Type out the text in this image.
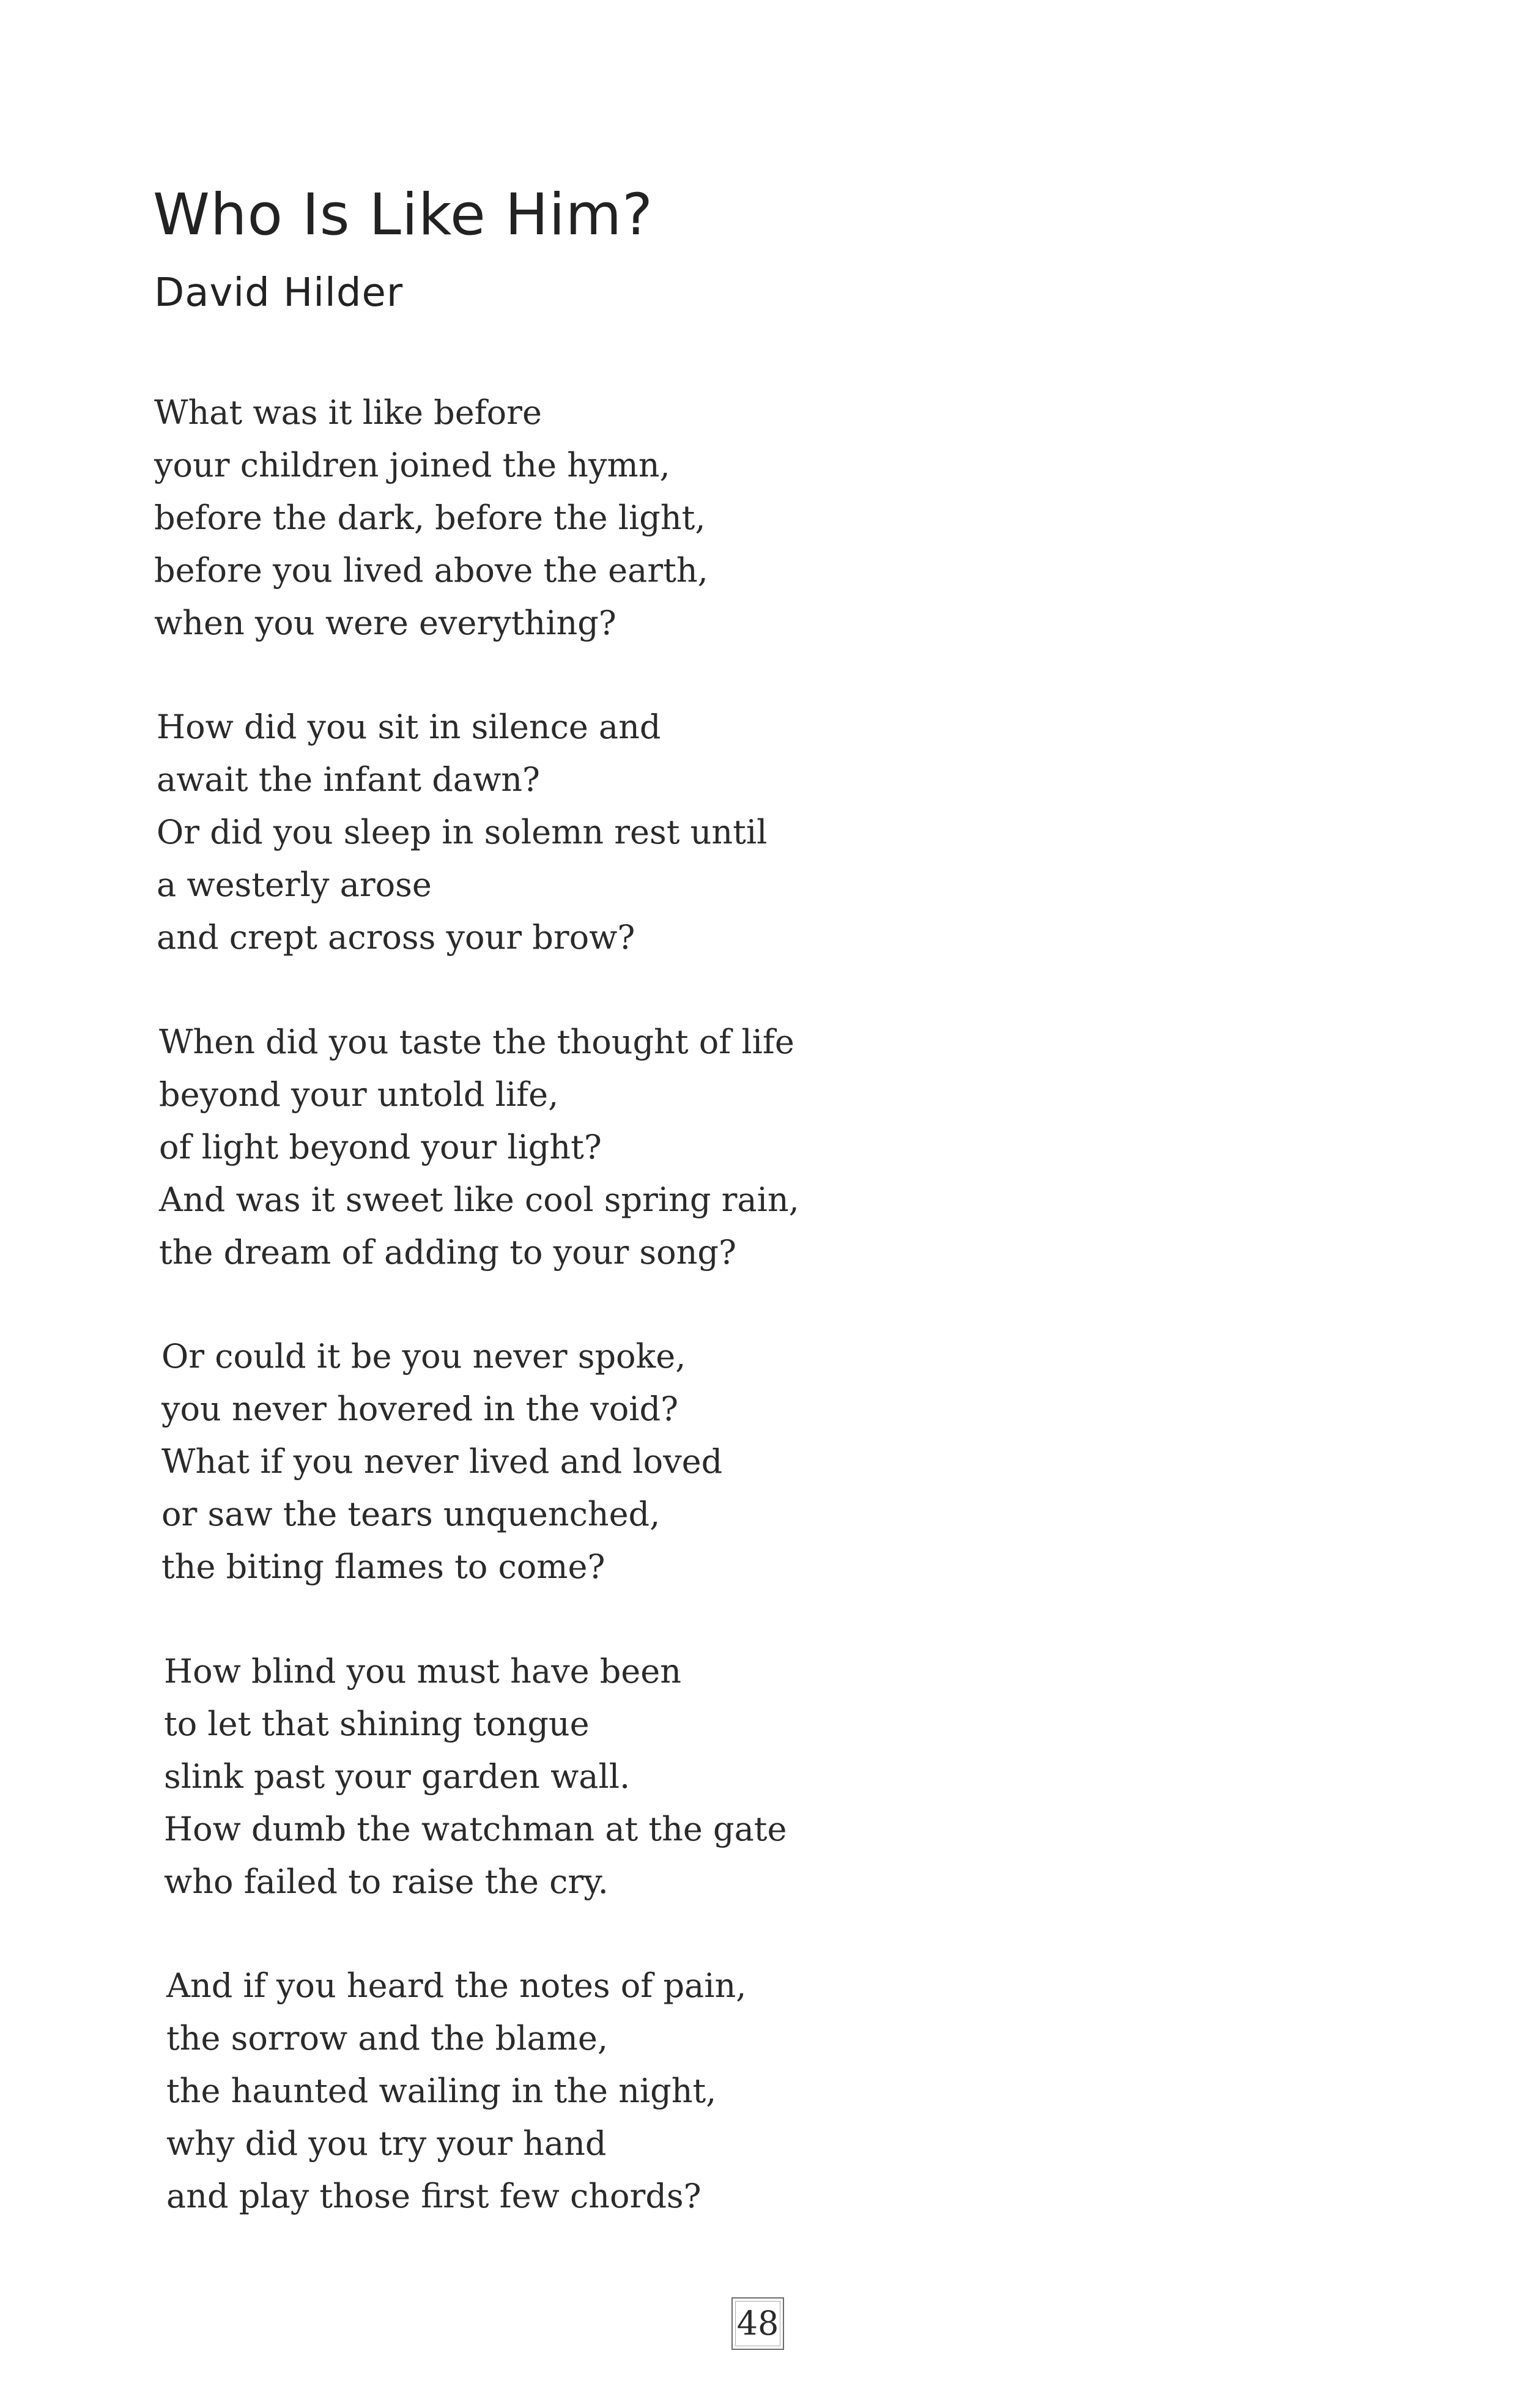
Who Is Like Him?
David Hilder
What was it like before
your children joined the hymn,
before the dark, before the light,
before you lived above the earth,
when you were everything?
How did you sit in silence and
await the infant dawn?
Or did you sleep in solemn rest until
a westerly arose
and crept across your brow?
When did you taste the thought of life
beyond your untold life,
of light beyond your light?
And was it sweet like cool spring rain,
the dream of adding to your song?
Or could it be you never spoke,
you never hovered in the void?
What if you never lived and loved
or saw the tears unquenched,
the biting flames to come?
How blind you must have been
to let that shining tongue
slink past your garden wall.
How dumb the watchman at the gate
who failed to raise the cry.
And if you heard the notes of pain,
the sorrow and the blame,
the haunted wailing in the night,
why did you try your hand
and play those first few chords?
48
